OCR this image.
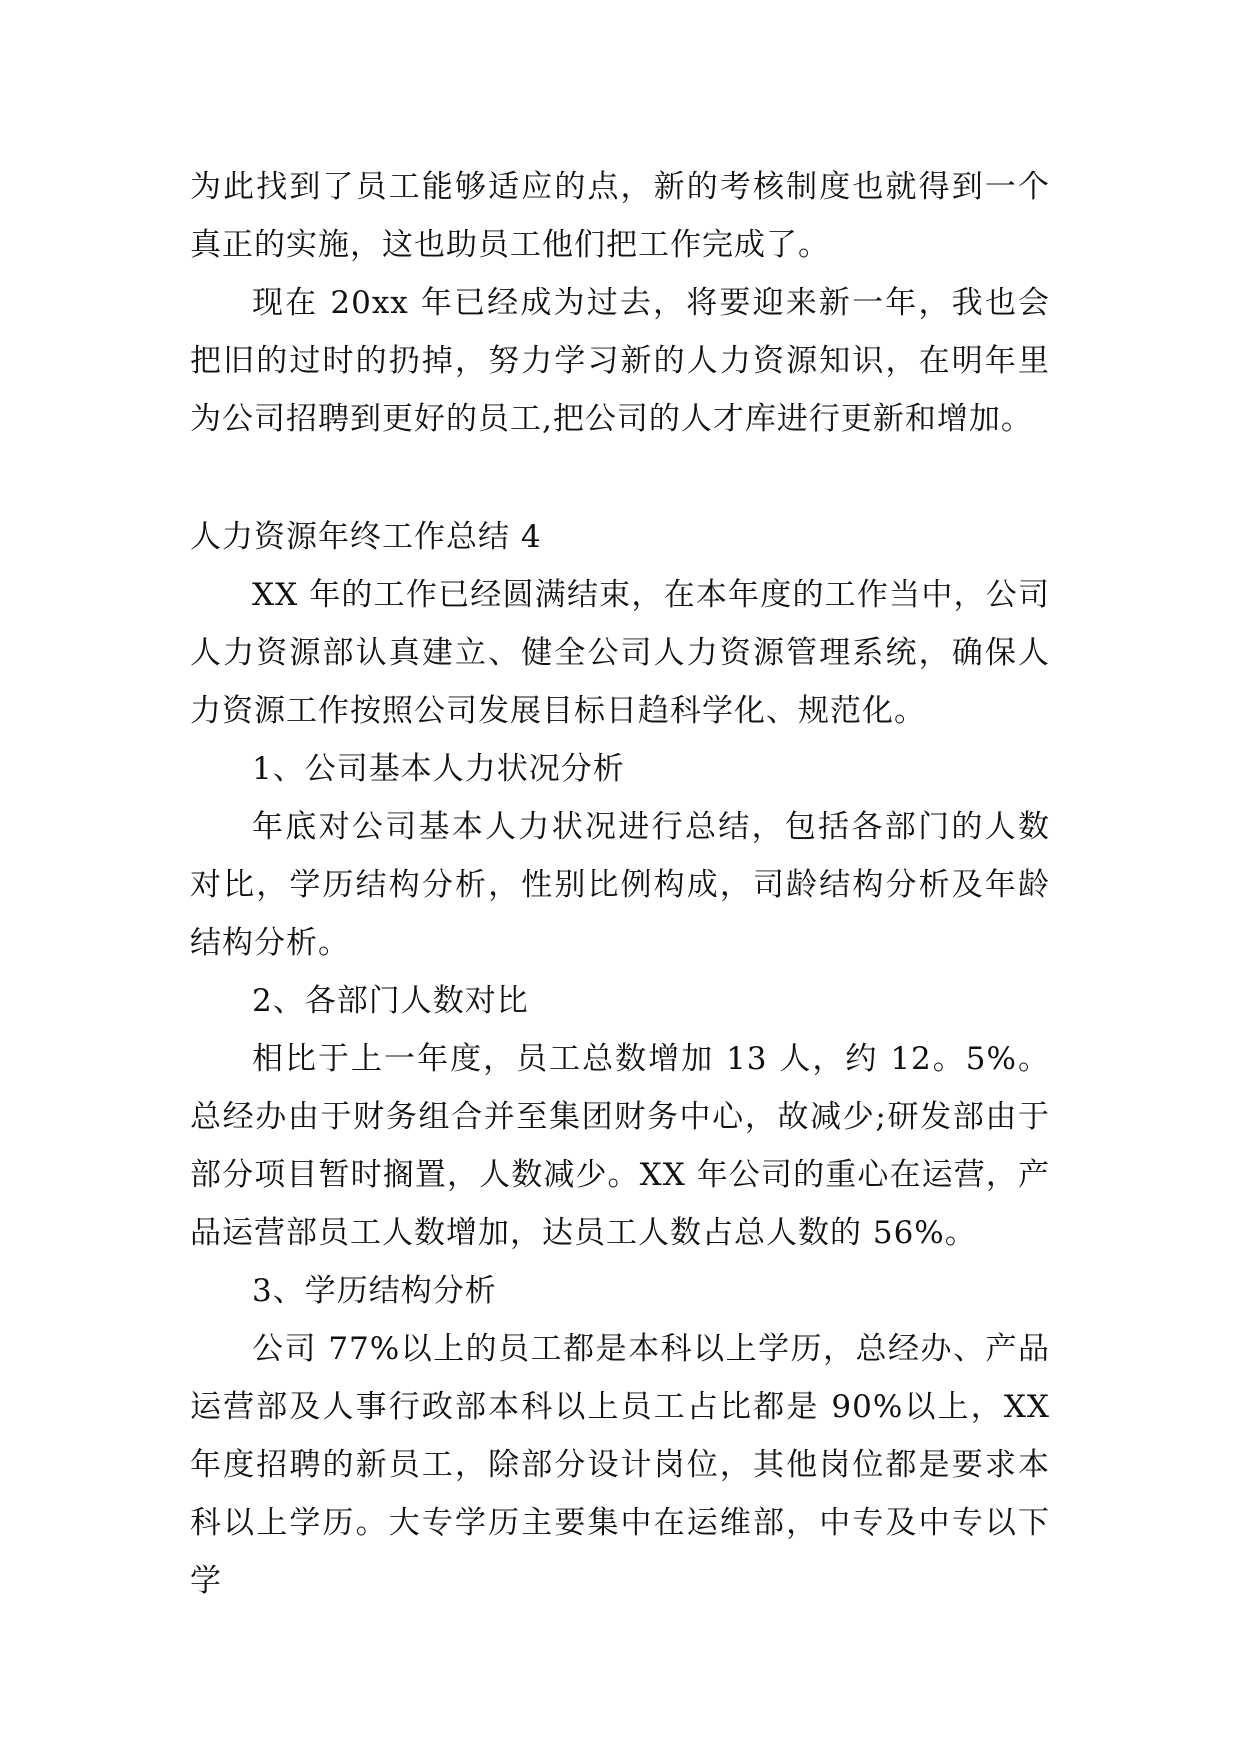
为此找到了员工能够适应的点，新的考核制度也就得到一个真正的实施，这也助员工他们把工作完成了。

现在 20xx 年已经成为过去，将要迎来新一年，我也会把旧的过时的扔掉，努力学习新的人力资源知识，在明年里为公司招聘到更好的员工,把公司的人才库进行更新和增加。

人力资源年终工作总结 4

XX 年的工作已经圆满结束，在本年度的工作当中，公司人力资源部认真建立、健全公司人力资源管理系统，确保人力资源工作按照公司发展目标日趋科学化、规范化。

1、公司基本人力状况分析

年底对公司基本人力状况进行总结，包括各部门的人数对比，学历结构分析，性别比例构成，司龄结构分析及年龄结构分析。

2、各部门人数对比

相比于上一年度，员工总数增加 13 人，约 12。5%。总经办由于财务组合并至集团财务中心，故减少;研发部由于部分项目暂时搁置，人数减少。XX 年公司的重心在运营，产品运营部员工人数增加，达员工人数占总人数的 56%。

3、学历结构分析

公司 77%以上的员工都是本科以上学历，总经办、产品运营部及人事行政部本科以上员工占比都是 90%以上，XX 年度招聘的新员工，除部分设计岗位，其他岗位都是要求本科以上学历。大专学历主要集中在运维部，中专及中专以下学
